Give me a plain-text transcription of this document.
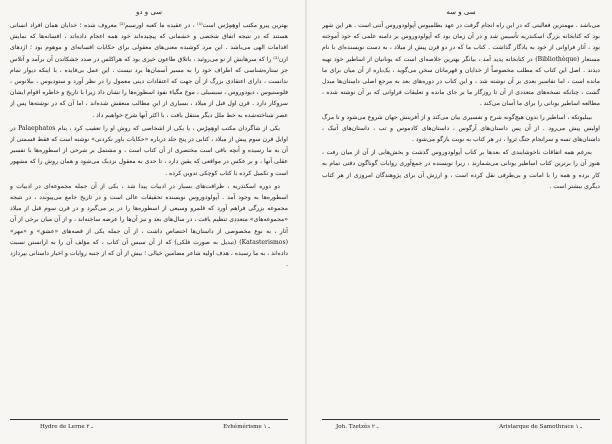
سی و دو

بهترین پیرو مکتب اوهِمِرُس است⁽¹⁾ ، در عقیده ما کعبه اورسیم⁽²⁾ معروف شده ؛ خدایان همان افراد انسانی هستند که در نتیجه اتفاق شخصی و خشمانی که پیچیده‌اند خود همه اعجام داده‌اند ، افسانه‌ها که نمایش اقدامات الهی می‌باشد . این مرد کوشیده معنی‌های معقولی برای حکایات افسانه‌ای و موهوم بود ؛ اژدهای ارن⁽²⁾ را که سرهایش از نو می‌روئید ، باتلاق طاعون خیزی بود که هراکلس در صدد خشکاندن آن برآمد و آتلاس جز ستاره‌شناسی که اطراف خود را به مسیر آسمان‌ها برد نیست . این عمل بی‌فایده ، با اینکه دیوار تمام ندانست ، دارای اعتقادی بزرگ از آن جهت که اعتقادات دینی معمول را در نظر آورد و ستودیوس ، بیلانوس ، فلوستیوس ، دیودوروس ، سیسیلی ، موخ مگیاء نفوذ اسطوره‌ها را نشان داد زیرا با تاریخ و خاطره اقوام ایشان سروکار دارد . قرن اول قبل از میلاد ، بسیاری از این مطالب منعقش شده‌اند ، اما آن که در نوشته‌ها پس از عصر شناخته‌شده به خط ملل دیگر منتقل یافت ، با اکثر آنها شرح خواهیم داد .

یکی از شاگردان مکتب اوهِمِرُس ، یا یکی از اشخاصی که روش او را تعقیب کرد ، بنام Palaephatos در اوایل قرن سوم پیش از میلاد ، کتابی در پنج جلد درباره «حکایات باور نکردنی» نوشته است که فقط قسمتی از آن به ما رسیده و آنچه باقی است مختصری از آن کتاب است ، و مشتمل بر شرحی از اسطوره‌ها با تفسیر عقلی آنها ، و بر عکس در مواقعی که یقین دارد ، تا حدی به معقول نزدیک می‌شود و همان روش را که مشهور است و تکمیل کرده با کتاب کوچکی تدوین کرده .

دو دوره اسکندریه ، ظرافت‌های بسیار در ادبیات پیدا شد ، یکی از آن جمله مجموعه‌ای در ادبیات و اسطوره‌ها به وجود آمد . آپولودوروس نویسنده تحقیقات عالی است و در تاریخ جامع می‌پیوندد ، در نتیجه مجموعه بزرگی فراهم آورد که قلمرو وسیعی از اسطوره‌ها را در بر می‌گیرد و در قرن سوم قبل از میلاد «مجموعه‌های» متعددی تنظیم یافت ، در سال‌های بعد و نیز آن‌ها را عرضه ساخته‌اند ، و از آن میان برخی از آن آثار ، به نوع مخصوصی از داستان‌ها اختصاص داشت ، از آن جمله یکی از قصه‌های «عشق» و «مهر» (Katasterismos) (تبدیل به صورت فلکی) که از آن سیس آن کتاب ، که مؤلف آن را به اراتستن نسبت داده‌اند ، به ما رسیده ، هدف اولیه شاعر مضامین خیالی ؛ بیش از آن که از جنبه روایات و اخبار داستانی بپردازد .

Hydre de Lerne ـ ۲	Evhémérisme ـ ۱
سی و سه

می‌باشد . مهمترین فعالیتی که در این راه انجام گرفت در عهد بطلمیوس آپولودوروس آتنی است . هر این شهر بود که کتابخانه بزرگ اسکندریه تأسیس شد و در آن زمان بود که آپولودوروس بر دامنه علمی که خود آموخته بود ، آثار فراوانی از خود به یادگار گذاشت . کتاب ما که در دو قرن پیش از میلاد ، به دست نویسنده‌ای با نام مستعار (Bibliothèque) در کتابخانه پدید آمد ، بیانگر بهترین خلاصه‌ای است که یونانیان از اساطیر خود تهیه دیدند . اصل این کتاب که مطلب مخصوصاً از خدایان و قهرمانان سخن می‌گوید ، یک‌باره از آن میان برای ما مانده است ، اما تفاسیر بعدی بر آن نوشته شد ، و این کتاب در دوره‌های بعد به مرجع اصلی داستان‌ها مبدل گشت ، چنانکه نسخه‌های متعددی از آن تا روزگار ما بر جای مانده و تعلیقات فراوانی که بر آن نوشته شده ، مطالعه اساطیر یونانی را برای ما آسان می‌کند .

بیبلیوتکه ، اساطیر را بدون هیچ‌گونه شرح و تفسیری بیان می‌کند و از آفرینش جهان شروع می‌شود و تا مرگ اولیس پیش می‌رود . از آن پس داستان‌های آرگوس ، داستان‌های کادموس و تب ، داستان‌های آتیک ، داستان‌های تسه و سرانجام جنگ تروا ، در هر کتاب به نوبت بازگو می‌شود .

به‌رغم همه اتفاقات ناخوشایندی که بعدها بر کتاب آپولودوروس گذشت و بخش‌هایی از آن از میان رفت ، هنوز آن را برترین کتاب اساطیر یونانی می‌شمارند ، زیرا نویسنده در جمع‌آوری روایات گوناگون دقتی تمام به کار برده و همه را با امانت و بی‌طرفی نقل کرده است ، و ارزش آن برای پژوهندگان امروزی از هر کتاب دیگری بیشتر است .

Joh. Tzetzès ـ ۲	Aristarque de Samothrace ـ ۱
